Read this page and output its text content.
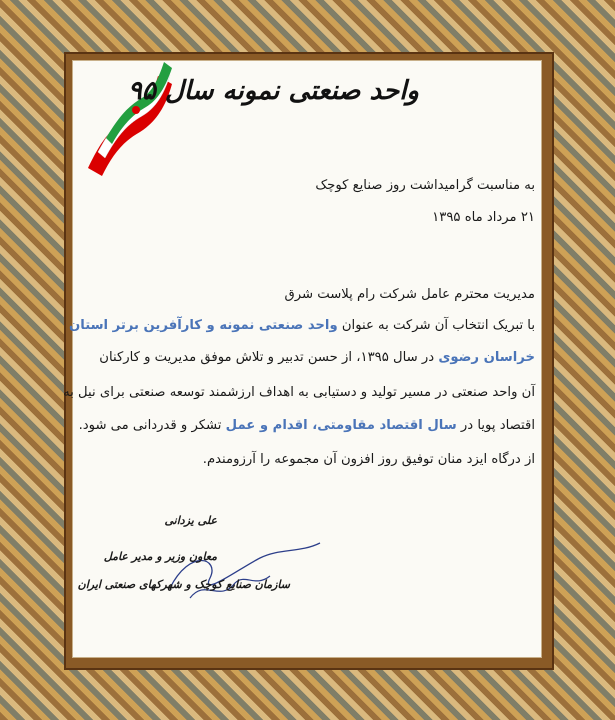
واحد صنعتی نمونه سال ۹۵
به مناسبت گرامیداشت روز صنایع کوچک
۲۱ مرداد ماه ۱۳۹۵
مدیریت محترم عامل شرکت رام پلاست شرق
با تبریک انتخاب آن شرکت به عنوان واحد صنعتی نمونه و کارآفرین برتر استان
خراسان رضوی در سال ۱۳۹۵، از حسن تدبیر و تلاش موفق مدیریت و کارکنان
آن واحد صنعتی در مسیر تولید و دستیابی به اهداف ارزشمند توسعه صنعتی برای نیل به
اقتصاد پویا در سال اقتصاد مقاومتی، اقدام و عمل تشکر و قدردانی می شود.
از درگاه ایزد منان توفیق روز افزون آن مجموعه را آرزومندم.
علی یزدانی
معاون وزیر و مدیر عامل
سازمان صنایع کوچک و شهرکهای صنعتی ایران
